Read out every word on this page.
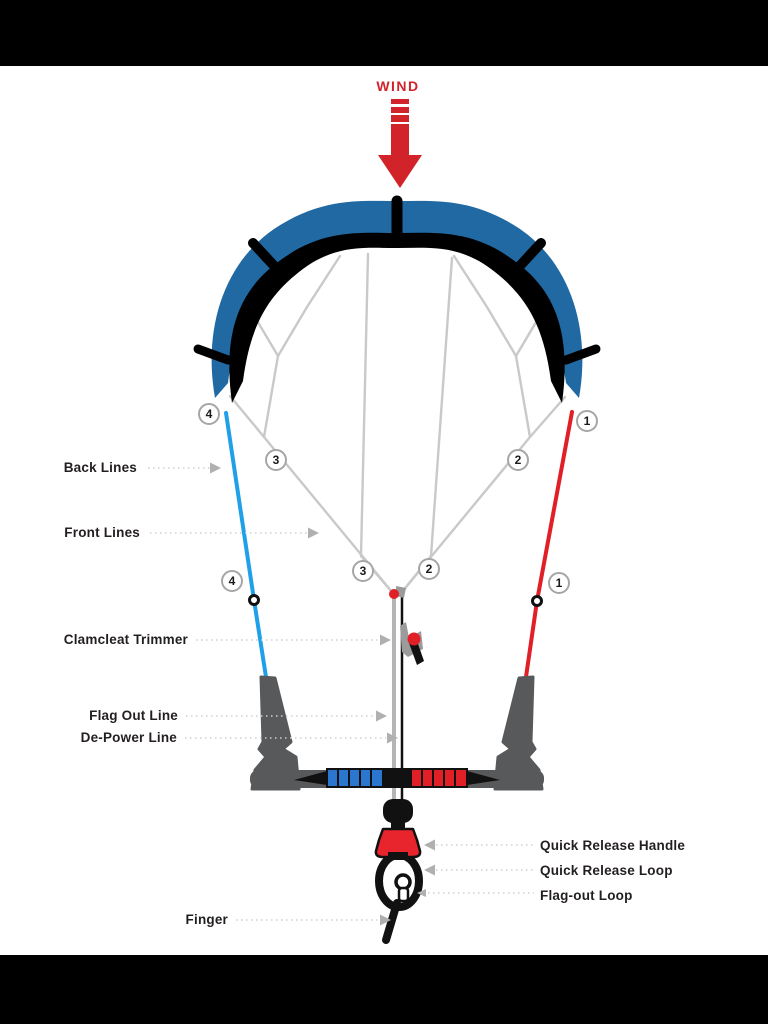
WIND
4
3	2
1
4
3	2
1
Back Lines
Front Lines
Clamcleat Trimmer
Flag Out Line
De-Power Line
Finger
Quick Release Handle
Quick Release Loop
Flag-out Loop
